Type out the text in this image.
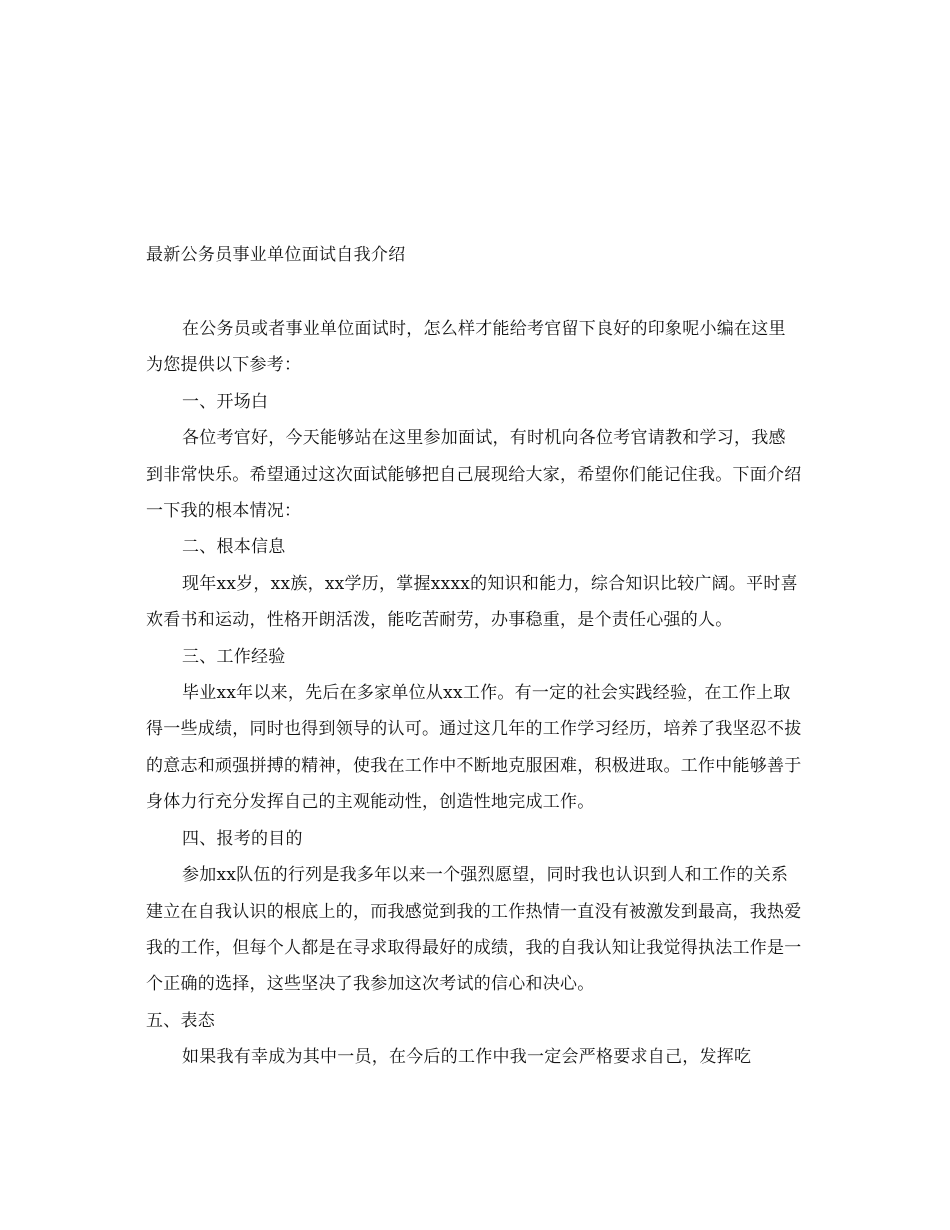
最新公务员事业单位面试自我介绍

在公务员或者事业单位面试时，怎么样才能给考官留下良好的印象呢小编在这里为您提供以下参考：

一、开场白

各位考官好，今天能够站在这里参加面试，有时机向各位考官请教和学习，我感到非常快乐。希望通过这次面试能够把自己展现给大家，希望你们能记住我。下面介绍一下我的根本情况：

二、根本信息

现年xx岁，xx族，xx学历，掌握xxxx的知识和能力，综合知识比较广阔。平时喜欢看书和运动，性格开朗活泼，能吃苦耐劳，办事稳重，是个责任心强的人。

三、工作经验

毕业xx年以来，先后在多家单位从xx工作。有一定的社会实践经验，在工作上取得一些成绩，同时也得到领导的认可。通过这几年的工作学习经历，培养了我坚忍不拔的意志和顽强拼搏的精神，使我在工作中不断地克服困难，积极进取。工作中能够善于身体力行充分发挥自己的主观能动性，创造性地完成工作。

四、报考的目的

参加xx队伍的行列是我多年以来一个强烈愿望，同时我也认识到人和工作的关系建立在自我认识的根底上的，而我感觉到我的工作热情一直没有被激发到最高，我热爱我的工作，但每个人都是在寻求取得最好的成绩，我的自我认知让我觉得执法工作是一个正确的选择，这些坚决了我参加这次考试的信心和决心。

五、表态

如果我有幸成为其中一员，在今后的工作中我一定会严格要求自己，发挥吃
